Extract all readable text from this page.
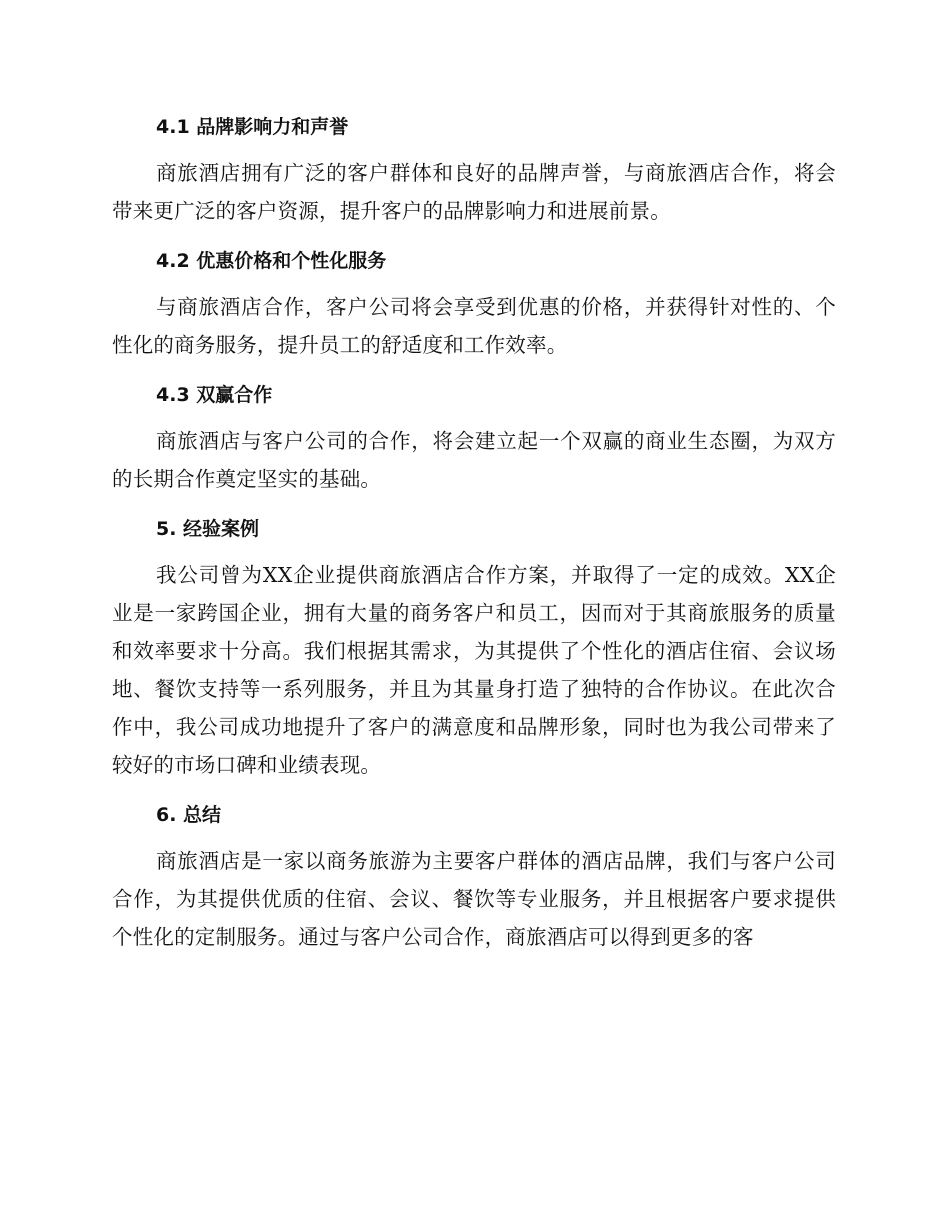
4.1 品牌影响力和声誉

商旅酒店拥有广泛的客户群体和良好的品牌声誉，与商旅酒店合作，将会带来更广泛的客户资源，提升客户的品牌影响力和进展前景。

4.2 优惠价格和个性化服务

与商旅酒店合作，客户公司将会享受到优惠的价格，并获得针对性的、个性化的商务服务，提升员工的舒适度和工作效率。

4.3 双赢合作

商旅酒店与客户公司的合作，将会建立起一个双赢的商业生态圈，为双方的长期合作奠定坚实的基础。

5. 经验案例

我公司曾为XX企业提供商旅酒店合作方案，并取得了一定的成效。XX企业是一家跨国企业，拥有大量的商务客户和员工，因而对于其商旅服务的质量和效率要求十分高。我们根据其需求，为其提供了个性化的酒店住宿、会议场地、餐饮支持等一系列服务，并且为其量身打造了独特的合作协议。在此次合作中，我公司成功地提升了客户的满意度和品牌形象，同时也为我公司带来了较好的市场口碑和业绩表现。

6. 总结

商旅酒店是一家以商务旅游为主要客户群体的酒店品牌，我们与客户公司合作，为其提供优质的住宿、会议、餐饮等专业服务，并且根据客户要求提供个性化的定制服务。通过与客户公司合作，商旅酒店可以得到更多的客
